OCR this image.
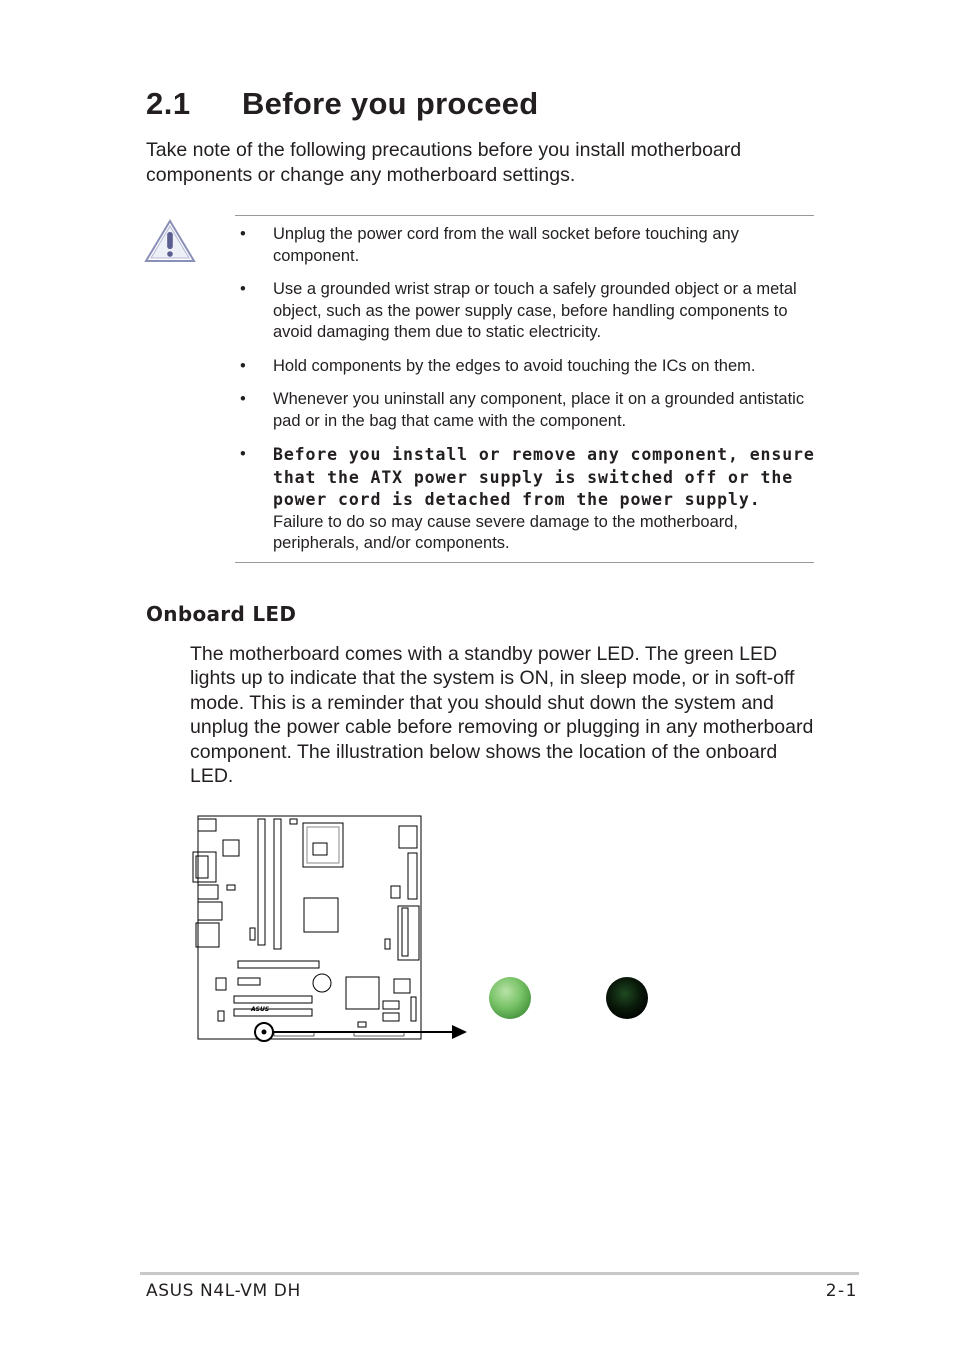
2.1 Before you proceed
Take note of the following precautions before you install motherboard components or change any motherboard settings.
• Unplug the power cord from the wall socket before touching any component.
• Use a grounded wrist strap or touch a safely grounded object or a metal object, such as the power supply case, before handling components to avoid damaging them due to static electricity.
• Hold components by the edges to avoid touching the ICs on them.
• Whenever you uninstall any component, place it on a grounded antistatic pad or in the bag that came with the component.
• Before you install or remove any component, ensure that the ATX power supply is switched off or the power cord is detached from the power supply. Failure to do so may cause severe damage to the motherboard, peripherals, and/or components.
Onboard LED
The motherboard comes with a standby power LED. The green LED lights up to indicate that the system is ON, in sleep mode, or in soft-off mode. This is a reminder that you should shut down the system and unplug the power cable before removing or plugging in any motherboard component. The illustration below shows the location of the onboard LED.
ASUS
ASUS N4L-VM DH	2-1
